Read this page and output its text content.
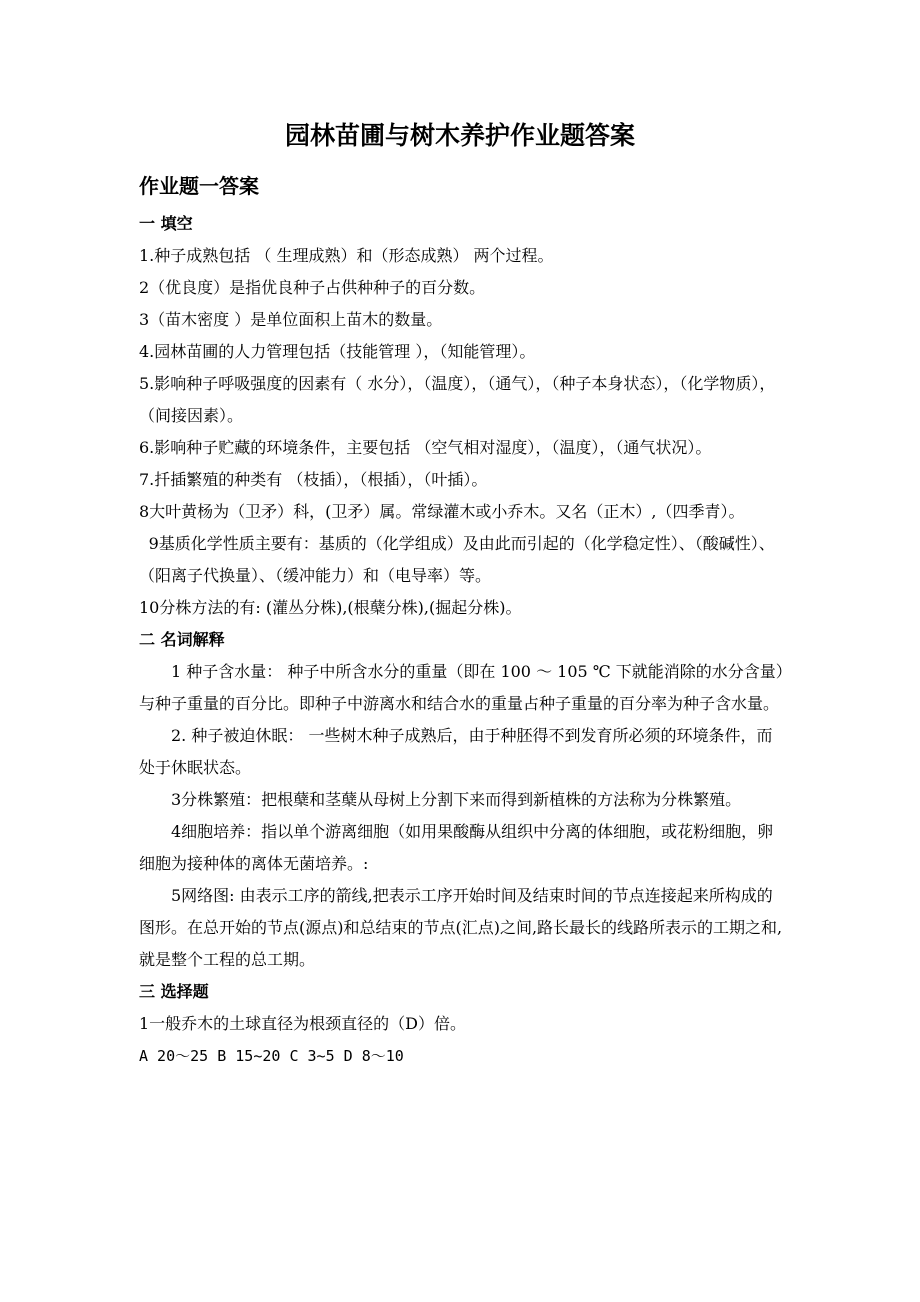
园林苗圃与树木养护作业题答案
作业题一答案
一 填空

1.种子成熟包括 （ 生理成熟）和（形态成熟） 两个过程。

2（优良度）是指优良种子占供种种子的百分数。

3（苗木密度 ）是单位面积上苗木的数量。

4.园林苗圃的人力管理包括（技能管理 ），（知能管理）。

5.影响种子呼吸强度的因素有（ 水分），（温度），（通气），（种子本身状态），（化学物质），（间接因素）。

6.影响种子贮藏的环境条件，主要包括 （空气相对湿度），（温度），（通气状况）。

7.扦插繁殖的种类有 （枝插），（根插），（叶插）。

8大叶黄杨为（卫矛）科，(卫矛）属。常绿灌木或小乔木。又名（正木）,（四季青）。

9基质化学性质主要有：基质的（化学组成）及由此而引起的（化学稳定性）、（酸碱性）、（阳离子代换量）、（缓冲能力）和（电导率）等。

10分株方法的有: (灌丛分株),(根蘖分株),(掘起分株)。

二 名词解释

1 种子含水量： 种子中所含水分的重量（即在 100 ～ 105 ℃ 下就能消除的水分含量）与种子重量的百分比。即种子中游离水和结合水的重量占种子重量的百分率为种子含水量。

2. 种子被迫休眠： 一些树木种子成熟后，由于种胚得不到发育所必须的环境条件，而处于休眠状态。

3分株繁殖：把根蘖和茎蘖从母树上分割下来而得到新植株的方法称为分株繁殖。

4细胞培养：指以单个游离细胞（如用果酸酶从组织中分离的体细胞，或花粉细胞，卵细胞为接种体的离体无菌培养。:

5网络图: 由表示工序的箭线,把表示工序开始时间及结束时间的节点连接起来所构成的图形。在总开始的节点(源点)和总结束的节点(汇点)之间,路长最长的线路所表示的工期之和,就是整个工程的总工期。

三 选择题

1一般乔木的土球直径为根颈直径的（D）倍。

A 20～25 B 15~20 C 3~5 D 8～10
